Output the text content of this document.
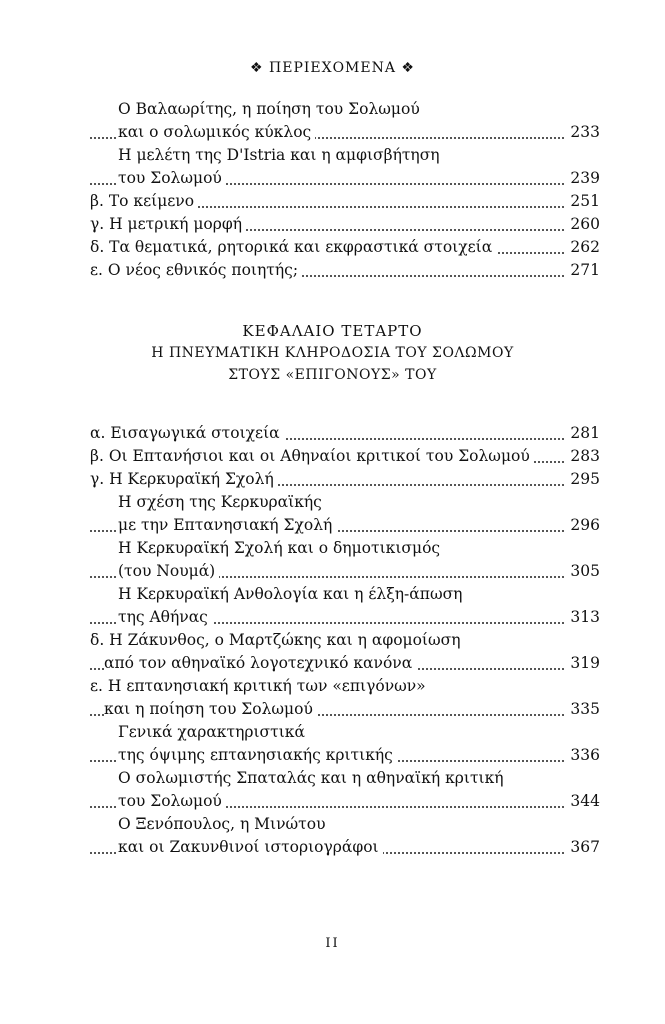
❖ ΠΕΡΙΕΧΟΜΕΝΑ ❖
Ο Βαλαωρίτης, η ποίηση του Σολωμού
και ο σολωμικός κύκλος	233
Η μελέτη της D'Istria και η αμφισβήτηση
του Σολωμού	239
β. Το κείμενο	251
γ. Η μετρική μορφή	260
δ. Τα θεματικά, ρητορικά και εκφραστικά στοιχεία	262
ε. Ο νέος εθνικός ποιητής;	271
ΚΕΦΑΛΑΙΟ ΤΕΤΑΡΤΟ
Η ΠΝΕΥΜΑΤΙΚΗ ΚΛΗΡΟΔΟΣΙΑ ΤΟΥ ΣΟΛΩΜΟΥ
ΣΤΟΥΣ «ΕΠΙΓΟΝΟΥΣ» ΤΟΥ
α. Εισαγωγικά στοιχεία	281
β. Οι Επτανήσιοι και οι Αθηναίοι κριτικοί του Σολωμού	283
γ. Η Κερκυραϊκή Σχολή	295
Η σχέση της Κερκυραϊκής
με την Επτανησιακή Σχολή	296
Η Κερκυραϊκή Σχολή και ο δημοτικισμός
(του Νουμά)	305
Η Κερκυραϊκή Ανθολογία και η έλξη-άπωση
της Αθήνας	313
δ. Η Ζάκυνθος, ο Μαρτζώκης και η αφομοίωση
από τον αθηναϊκό λογοτεχνικό κανόνα	319
ε. Η επτανησιακή κριτική των «επιγόνων»
και η ποίηση του Σολωμού	335
Γενικά χαρακτηριστικά
της όψιμης επτανησιακής κριτικής	336
Ο σολωμιστής Σπαταλάς και η αθηναϊκή κριτική
του Σολωμού	344
Ο Ξενόπουλος, η Μινώτου
και οι Ζακυνθινοί ιστοριογράφοι	367
ΙΙ
